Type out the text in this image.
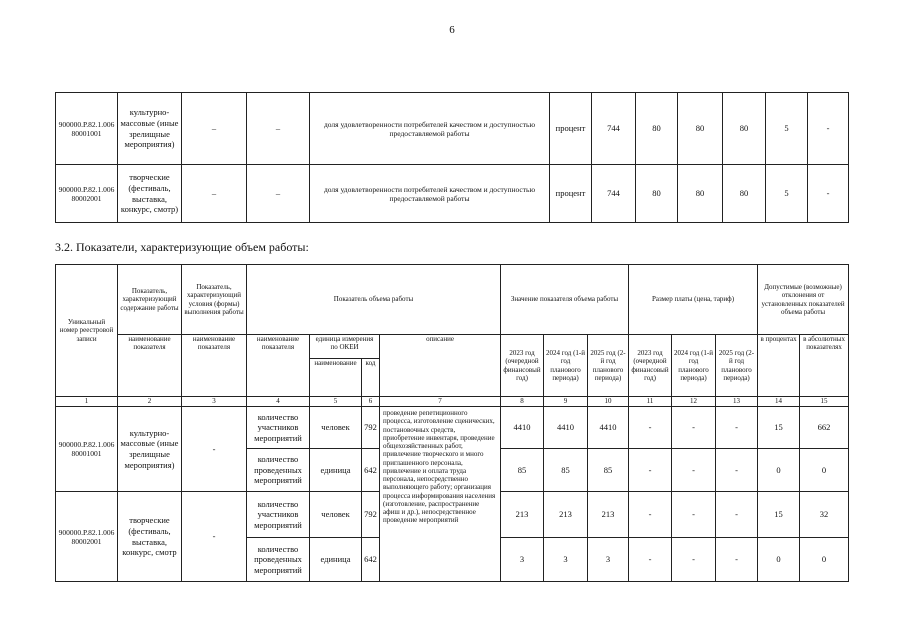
6
900000.Р.82.1.006 80001001	культурно-массовые (иные зрелищные мероприятия)	–	–	доля удовлетворенности потребителей качеством и доступностью предоставляемой работы	процент	744	80	80	80	5	-
900000.Р.82.1.006 80002001	творческие (фестиваль, выставка, конкурс, смотр)	–	–	доля удовлетворенности потребителей качеством и доступностью предоставляемой работы	процент	744	80	80	80	5	-
3.2. Показатели, характеризующие объем работы:
Уникальный номер реестровой записи	Показатель, характеризующий содержание работы	Показатель, характеризующий условия (формы) выполнения работы	Показатель объема работы				Значение показателя объема работы			Размер платы (цена, тариф)			Допустимые (возможные) отклонения от установленных показателей объема работы	
	наименование показателя	наименование показателя	наименование показателя	единица измерения по ОКЕИ		описание	2023 год (очередной финансовый год)	2024 год (1-й год планового периода)	2025 год (2-й год планового периода)	2023 год (очередной финансовый год)	2024 год (1-й год планового периода)	2025 год (2-й год планового периода)	в процентах	в абсолютных показателях
				наименование	код									
1	2	3	4	5	6	7	8	9	10	11	12	13	14	15
900000.Р.82.1.006 80001001	культурно-массовые (иные зрелищные мероприятия)	-	количество участников мероприятий	человек	792	проведение репетиционного процесса, изготовление сценических, постановочных средств, приобретение инвентаря, проведение общехозяйственных работ, привлечение творческого и много приглашенного персонала, привлечение и оплата труда персонала, непосредственно выполняющего работу; организация процесса информирования населения (изготовление, распространение афиш и др.), непосредственное проведение мероприятий	4410	4410	4410	-	-	-	15	662
			количество проведенных мероприятий	единица	642		85	85	85	-	-	-	0	0
900000.Р.82.1.006 80002001	творческие (фестиваль, выставка, конкурс, смотр	-	количество участников мероприятий	человек	792		213	213	213	-	-	-	15	32
			количество проведенных мероприятий	единица	642		3	3	3	-	-	-	0	0
